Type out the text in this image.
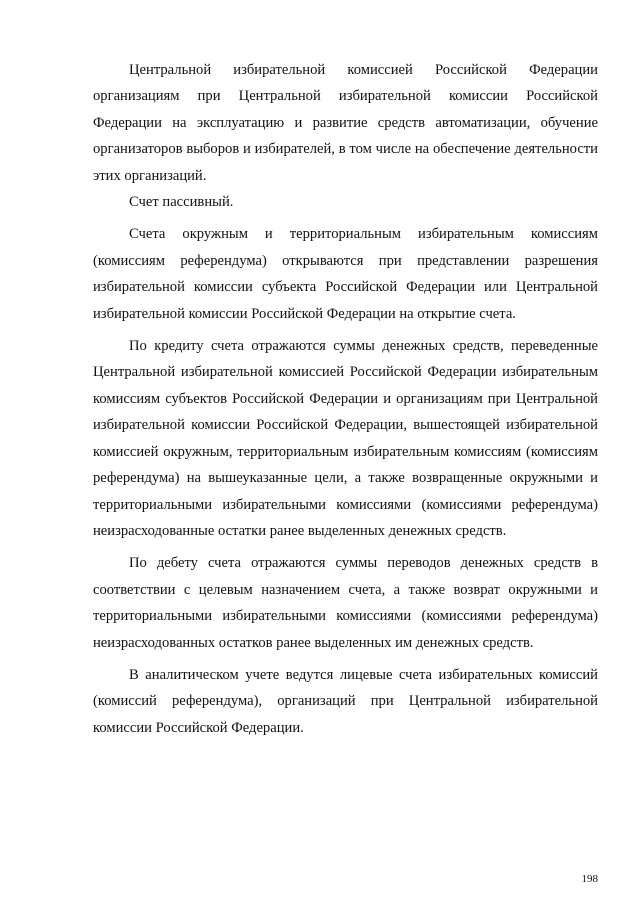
Центральной избирательной комиссией Российской Федерации организациям при Центральной избирательной комиссии Российской Федерации на эксплуатацию и развитие средств автоматизации, обучение организаторов выборов и избирателей, в том числе на обеспечение деятельности этих организаций.

Счет пассивный.

Счета окружным и территориальным избирательным комиссиям (комиссиям референдума) открываются при представлении разрешения избирательной комиссии субъекта Российской Федерации или Центральной избирательной комиссии Российской Федерации на открытие счета.

По кредиту счета отражаются суммы денежных средств, переведенные Центральной избирательной комиссией Российской Федерации избирательным комиссиям субъектов Российской Федерации и организациям при Центральной избирательной комиссии Российской Федерации, вышестоящей избирательной комиссией окружным, территориальным избирательным комиссиям (комиссиям референдума) на вышеуказанные цели, а также возвращенные окружными и территориальными избирательными комиссиями (комиссиями референдума) неизрасходованные остатки ранее выделенных денежных средств.

По дебету счета отражаются суммы переводов денежных средств в соответствии с целевым назначением счета, а также возврат окружными и территориальными избирательными комиссиями (комиссиями референдума) неизрасходованных остатков ранее выделенных им денежных средств.

В аналитическом учете ведутся лицевые счета избирательных комиссий (комиссий референдума), организаций при Центральной избирательной комиссии Российской Федерации.

198
